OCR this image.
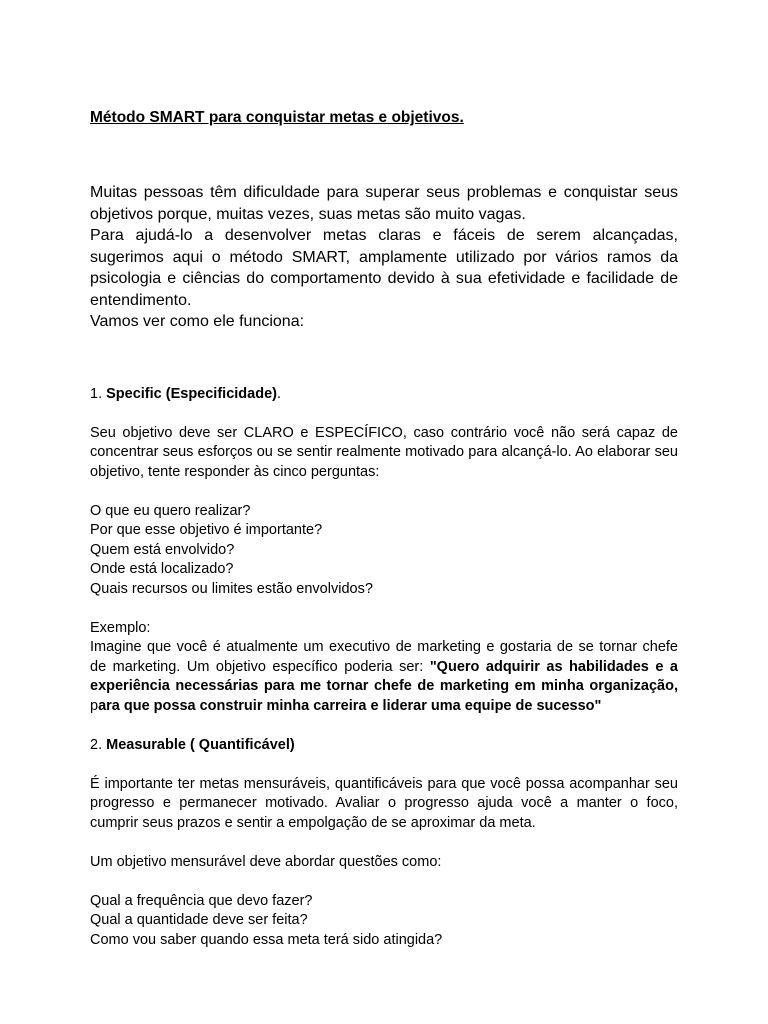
Método SMART para conquistar metas e objetivos.

Muitas pessoas têm dificuldade para superar seus problemas e conquistar seus objetivos porque, muitas vezes, suas metas são muito vagas.

Para ajudá-lo a desenvolver metas claras e fáceis de serem alcançadas, sugerimos aqui o método SMART, amplamente utilizado por vários ramos da psicologia e ciências do comportamento devido à sua efetividade e facilidade de entendimento.

Vamos ver como ele funciona:

1. Specific (Especificidade).

Seu objetivo deve ser CLARO e ESPECÍFICO, caso contrário você não será capaz de concentrar seus esforços ou se sentir realmente motivado para alcançá-lo. Ao elaborar seu objetivo, tente responder às cinco perguntas:

O que eu quero realizar?
Por que esse objetivo é importante?
Quem está envolvido?
Onde está localizado?
Quais recursos ou limites estão envolvidos?

Exemplo:

Imagine que você é atualmente um executivo de marketing e gostaria de se tornar chefe de marketing. Um objetivo específico poderia ser: "Quero adquirir as habilidades e a experiência necessárias para me tornar chefe de marketing em minha organização, para que possa construir minha carreira e liderar uma equipe de sucesso"

2. Measurable ( Quantificável)

É importante ter metas mensuráveis, quantificáveis para que você possa acompanhar seu progresso e permanecer motivado. Avaliar o progresso ajuda você a manter o foco, cumprir seus prazos e sentir a empolgação de se aproximar da meta.

Um objetivo mensurável deve abordar questões como:

Qual a frequência que devo fazer?
Qual a quantidade deve ser feita?
Como vou saber quando essa meta terá sido atingida?
